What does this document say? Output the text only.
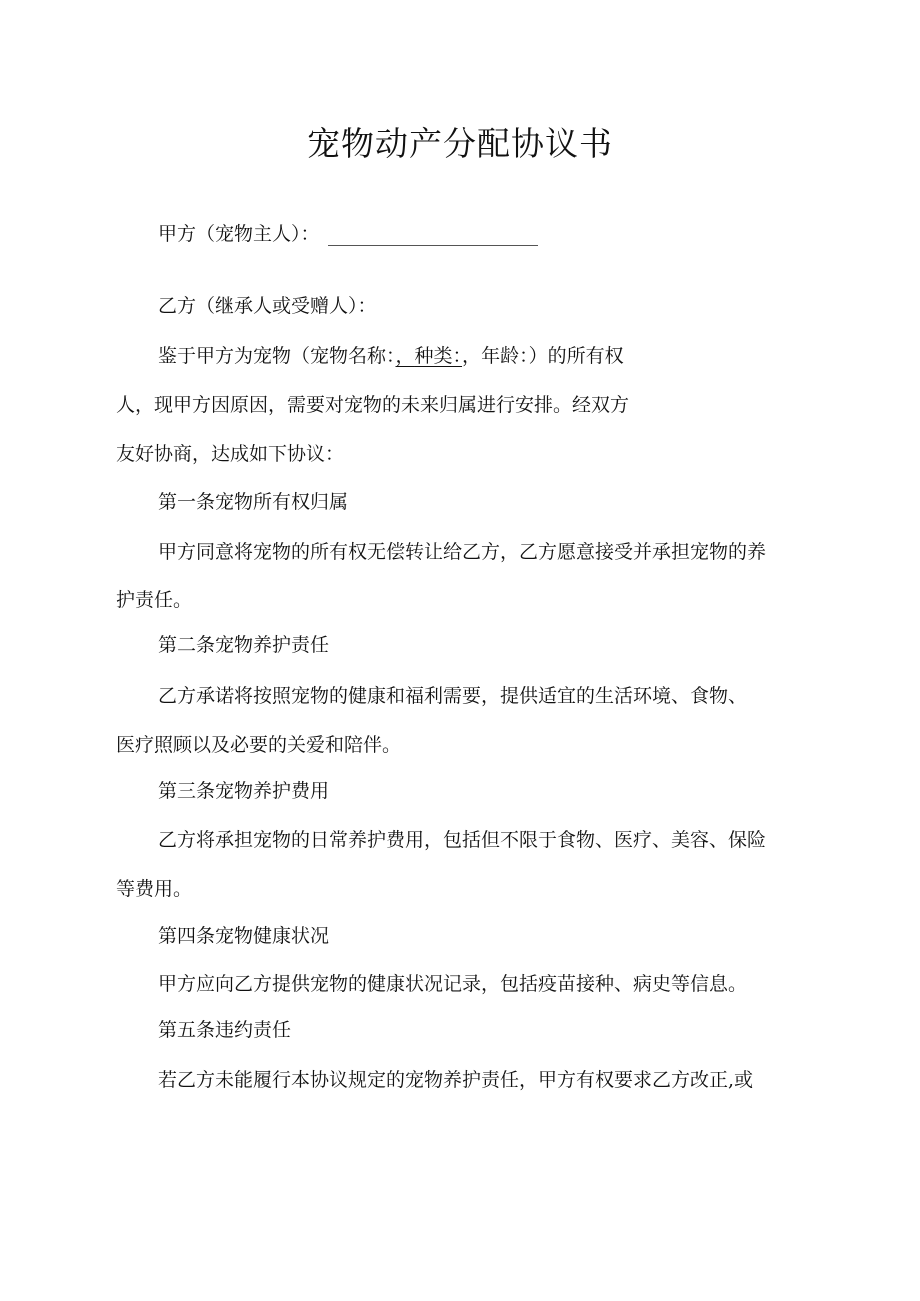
宠物动产分配协议书
甲方（宠物主人）：
乙方（继承人或受赠人）：
鉴于甲方为宠物（宠物名称：，种类：，年龄：）的所有权
人，现甲方因原因，需要对宠物的未来归属进行安排。经双方
友好协商，达成如下协议：
第一条宠物所有权归属
甲方同意将宠物的所有权无偿转让给乙方，乙方愿意接受并承担宠物的养
护责任。
第二条宠物养护责任
乙方承诺将按照宠物的健康和福利需要，提供适宜的生活环境、食物、
医疗照顾以及必要的关爱和陪伴。
第三条宠物养护费用
乙方将承担宠物的日常养护费用，包括但不限于食物、医疗、美容、保险
等费用。
第四条宠物健康状况
甲方应向乙方提供宠物的健康状况记录，包括疫苗接种、病史等信息。
第五条违约责任
若乙方未能履行本协议规定的宠物养护责任，甲方有权要求乙方改正,或
